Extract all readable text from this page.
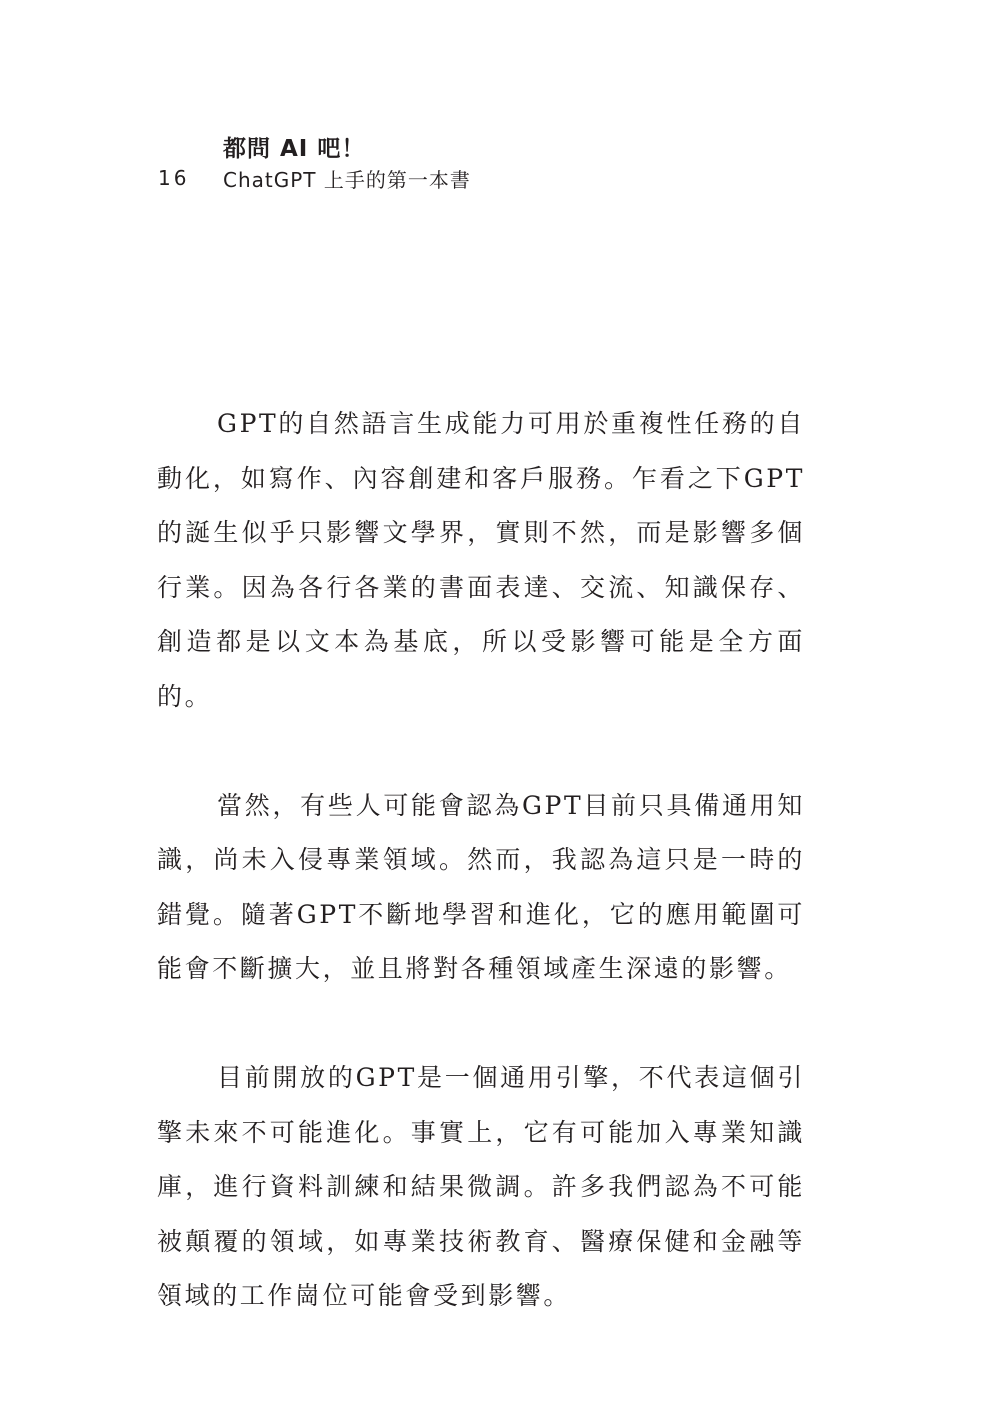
都問 AI 吧！
16 ChatGPT 上手的第一本書

GPT的自然語言生成能力可用於重複性任務的自動化，如寫作、內容創建和客戶服務。乍看之下GPT 的誕生似乎只影響文學界，實則不然，而是影響多個行業。因為各行各業的書面表達、交流、知識保存、創造都是以文本為基底，所以受影響可能是全方面的。

當然，有些人可能會認為GPT目前只具備通用知識，尚未入侵專業領域。然而，我認為這只是一時的錯覺。隨著GPT不斷地學習和進化，它的應用範圍可能會不斷擴大，並且將對各種領域產生深遠的影響。

目前開放的GPT是一個通用引擎，不代表這個引擎未來不可能進化。事實上，它有可能加入專業知識庫，進行資料訓練和結果微調。許多我們認為不可能被顛覆的領域，如專業技術教育、醫療保健和金融等領域的工作崗位可能會受到影響。
